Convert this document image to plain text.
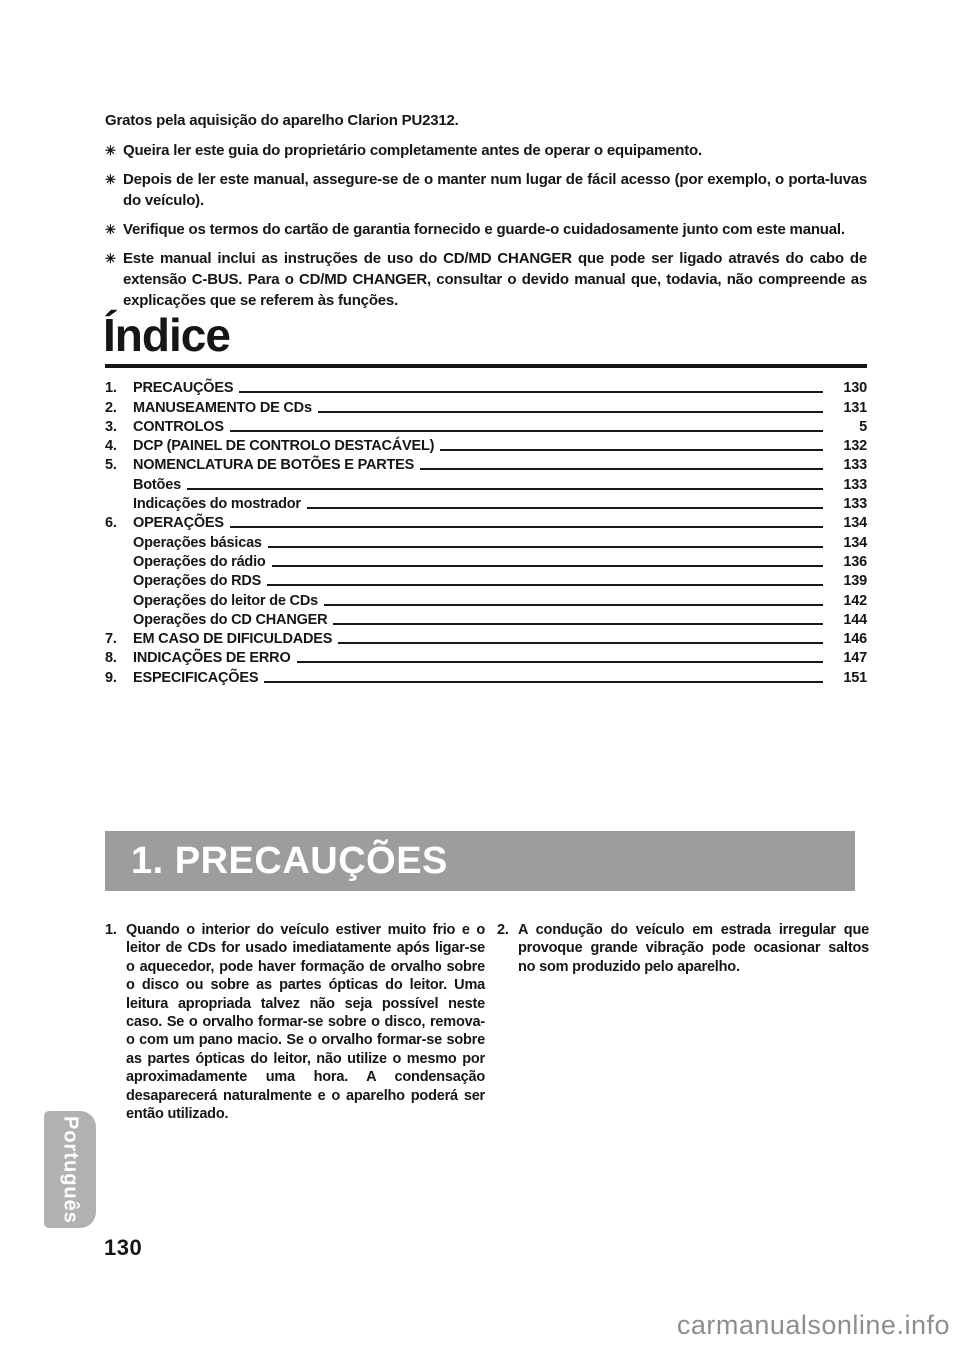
Gratos pela aquisição do aparelho Clarion PU2312.
✳ Queira ler este guia do proprietário completamente antes de operar o equipamento.
✳ Depois de ler este manual, assegure-se de o manter num lugar de fácil acesso (por exemplo, o porta-luvas do veículo).
✳ Verifique os termos do cartão de garantia fornecido e guarde-o cuidadosamente junto com este manual.
✳ Este manual inclui as instruções de uso do CD/MD CHANGER que pode ser ligado através do cabo de extensão C-BUS. Para o CD/MD CHANGER, consultar o devido manual que, todavia, não compreende as explicações que se referem às funções.
Índice
1.	PRECAUÇÕES	130
2.	MANUSEAMENTO DE CDs	131
3.	CONTROLOS	5
4.	DCP (PAINEL DE CONTROLO DESTACÁVEL)	132
5.	NOMENCLATURA DE BOTÕES E PARTES	133
Botões	133
Indicações do mostrador	133
6.	OPERAÇÕES	134
Operações básicas	134
Operações do rádio	136
Operações do RDS	139
Operações do leitor de CDs	142
Operações do CD CHANGER	144
7.	EM CASO DE DIFICULDADES	146
8.	INDICAÇÕES DE ERRO	147
9.	ESPECIFICAÇÕES	151
1. PRECAUÇÕES
1. Quando o interior do veículo estiver muito frio e o leitor de CDs for usado imediatamente após ligar-se o aquecedor, pode haver formação de orvalho sobre o disco ou sobre as partes ópticas do leitor. Uma leitura apropriada talvez não seja possível neste caso. Se o orvalho formar-se sobre o disco, remova-o com um pano macio. Se o orvalho formar-se sobre as partes ópticas do leitor, não utilize o mesmo por aproximadamente uma hora. A condensação desaparecerá naturalmente e o aparelho poderá ser então utilizado.
2. A condução do veículo em estrada irregular que provoque grande vibração pode ocasionar saltos no som produzido pelo aparelho.
Português
130
carmanualsonline.info
